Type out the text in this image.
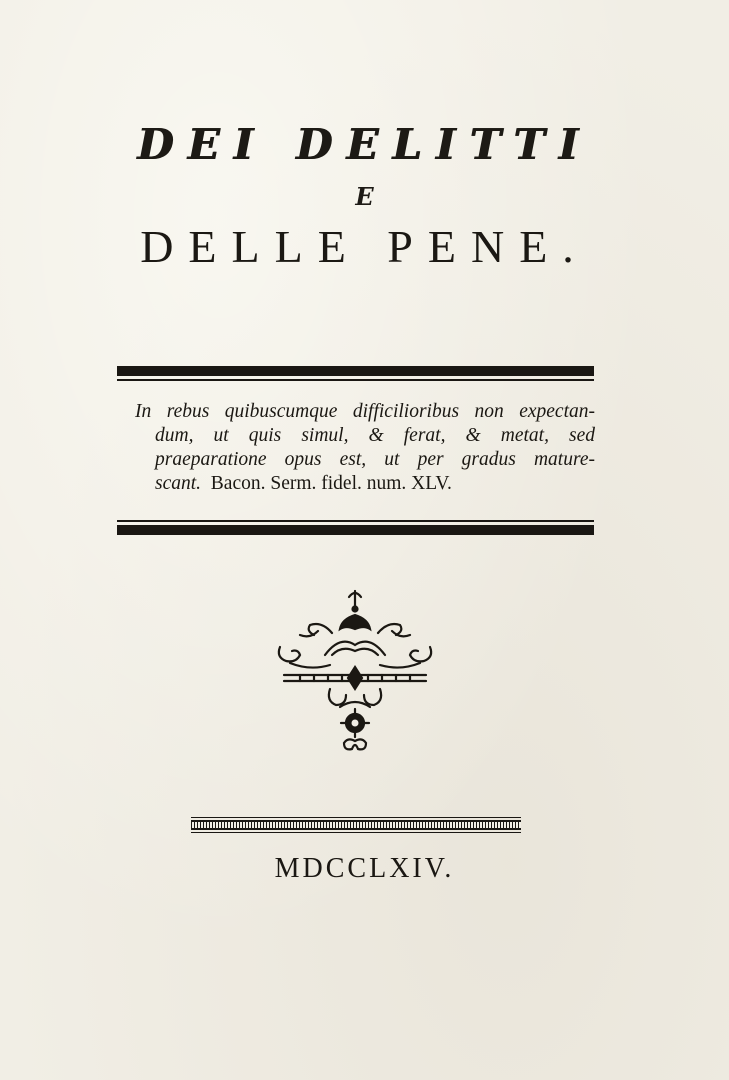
DEI DELITTI
E
DELLE PENE.
In rebus quibuscumque difficilioribus non expectan-
dum, ut quis simul, & ferat, & metat, sed
praeparatione opus est, ut per gradus mature-
scant. Bacon. Serm. fidel. num. XLV.
MDCCLXIV.
